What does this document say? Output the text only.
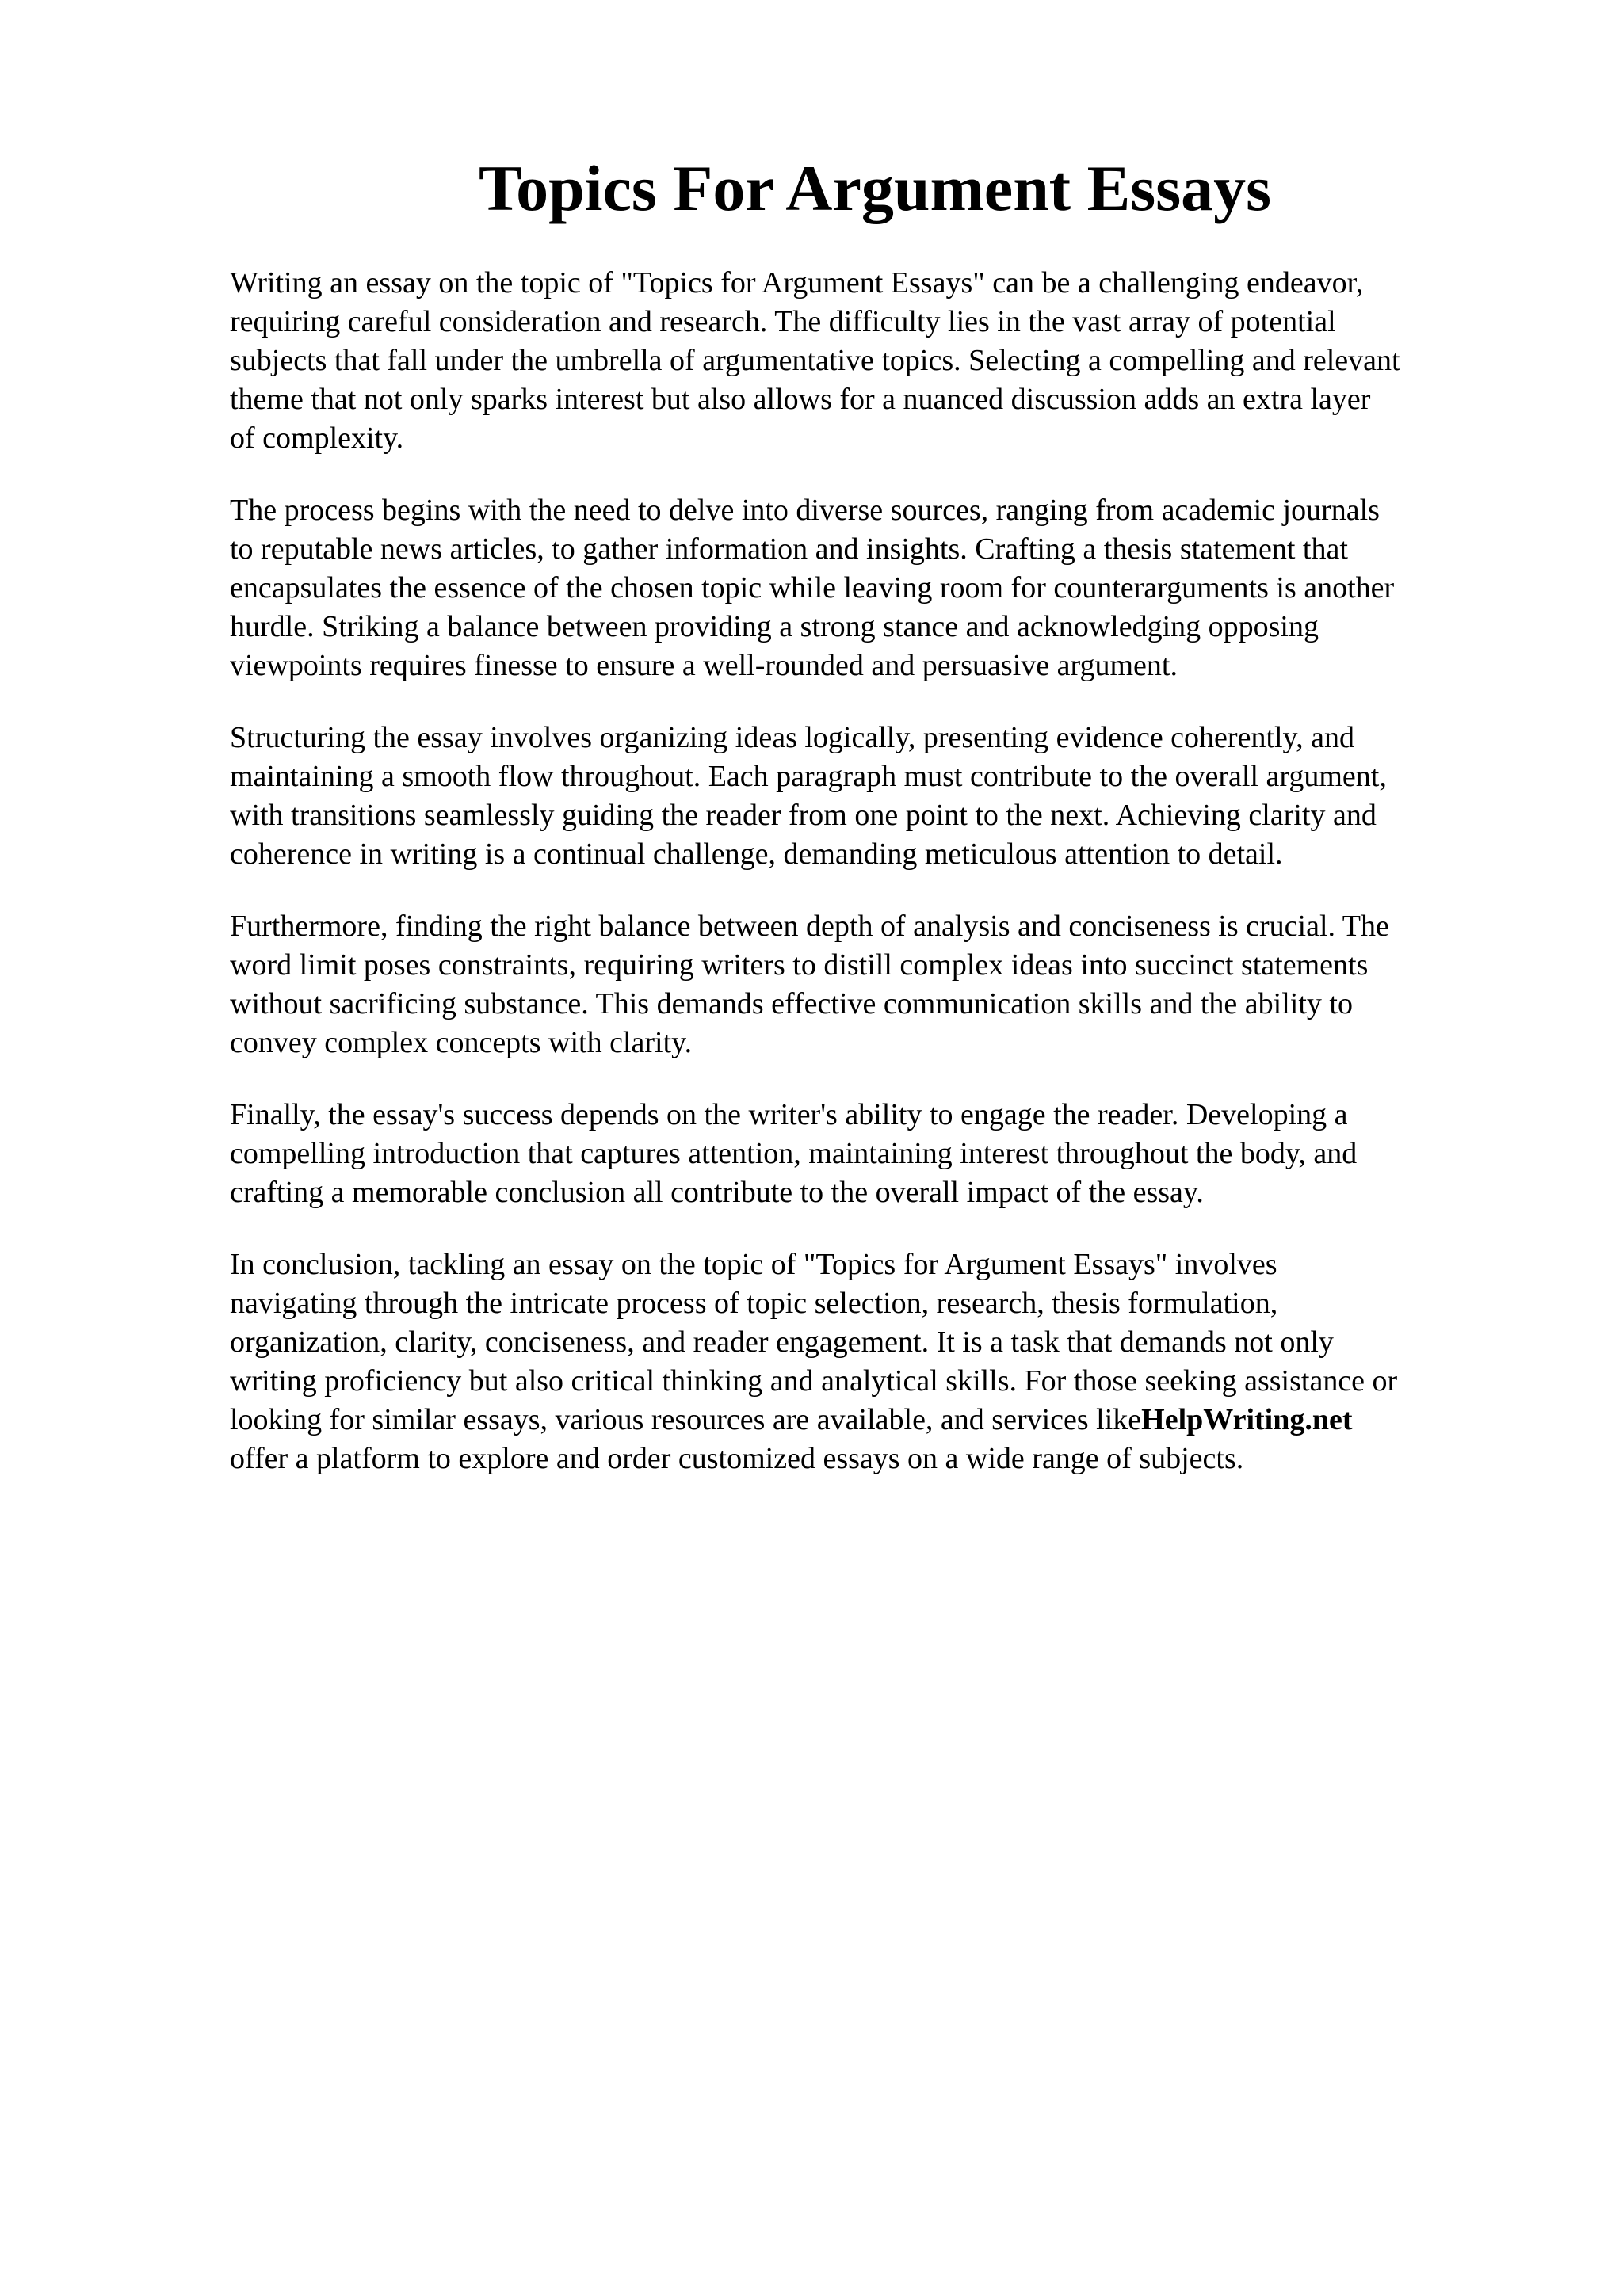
Topics For Argument Essays

Writing an essay on the topic of "Topics for Argument Essays" can be a challenging endeavor,
requiring careful consideration and research. The difficulty lies in the vast array of potential
subjects that fall under the umbrella of argumentative topics. Selecting a compelling and relevant
theme that not only sparks interest but also allows for a nuanced discussion adds an extra layer
of complexity.

The process begins with the need to delve into diverse sources, ranging from academic journals
to reputable news articles, to gather information and insights. Crafting a thesis statement that
encapsulates the essence of the chosen topic while leaving room for counterarguments is another
hurdle. Striking a balance between providing a strong stance and acknowledging opposing
viewpoints requires finesse to ensure a well-rounded and persuasive argument.

Structuring the essay involves organizing ideas logically, presenting evidence coherently, and
maintaining a smooth flow throughout. Each paragraph must contribute to the overall argument,
with transitions seamlessly guiding the reader from one point to the next. Achieving clarity and
coherence in writing is a continual challenge, demanding meticulous attention to detail.

Furthermore, finding the right balance between depth of analysis and conciseness is crucial. The
word limit poses constraints, requiring writers to distill complex ideas into succinct statements
without sacrificing substance. This demands effective communication skills and the ability to
convey complex concepts with clarity.

Finally, the essay's success depends on the writer's ability to engage the reader. Developing a
compelling introduction that captures attention, maintaining interest throughout the body, and
crafting a memorable conclusion all contribute to the overall impact of the essay.

In conclusion, tackling an essay on the topic of "Topics for Argument Essays" involves
navigating through the intricate process of topic selection, research, thesis formulation,
organization, clarity, conciseness, and reader engagement. It is a task that demands not only
writing proficiency but also critical thinking and analytical skills. For those seeking assistance or
looking for similar essays, various resources are available, and services likeHelpWriting.net
offer a platform to explore and order customized essays on a wide range of subjects.
